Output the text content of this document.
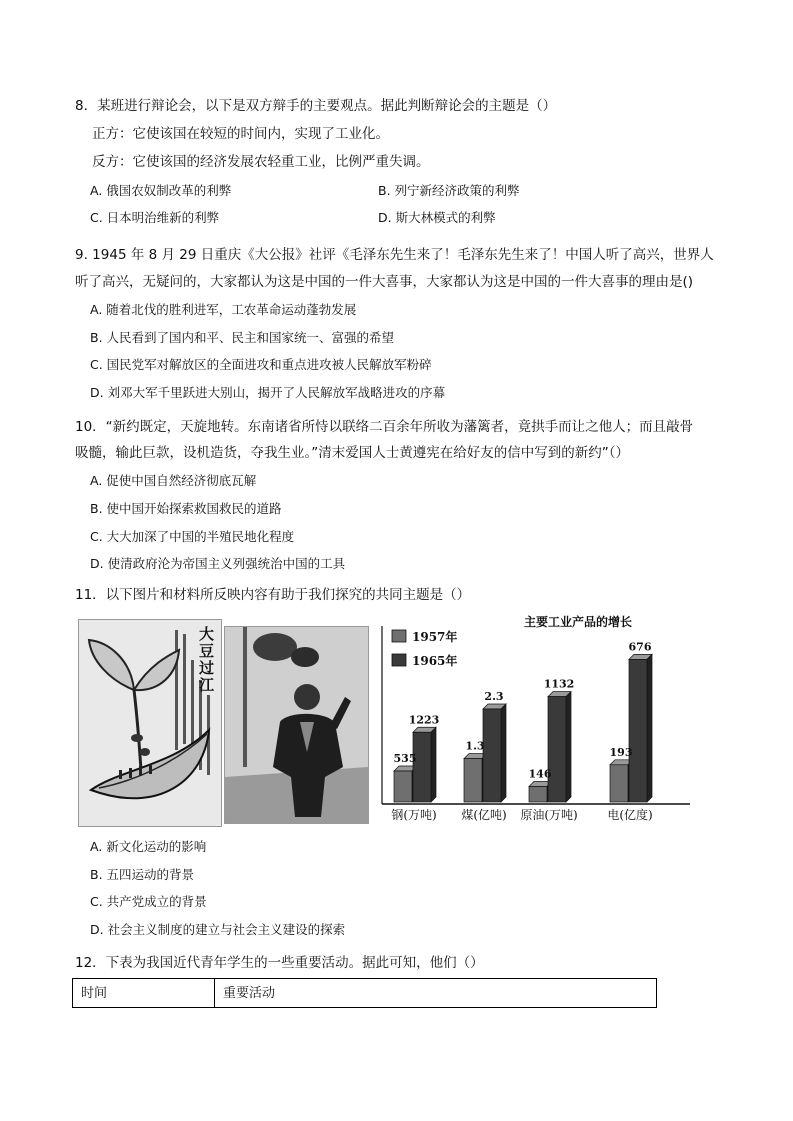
8．某班进行辩论会，以下是双方辩手的主要观点。据此判断辩论会的主题是（）
正方：它使该国在较短的时间内，实现了工业化。
反方：它使该国的经济发展农轻重工业，比例严重失调。
A. 俄国农奴制改革的利弊	B. 列宁新经济政策的利弊
C. 日本明治维新的利弊	D. 斯大林模式的利弊
9. 1945 年 8 月 29 日重庆《大公报》社评《毛泽东先生来了！毛泽东先生来了！中国人听了高兴，世界人
听了高兴，无疑问的，大家都认为这是中国的一件大喜事，大家都认为这是中国的一件大喜事的理由是()
A. 随着北伐的胜利进军，工农革命运动蓬勃发展
B. 人民看到了国内和平、民主和国家统一、富强的希望
C. 国民党军对解放区的全面进攻和重点进攻被人民解放军粉碎
D. 刘邓大军千里跃进大别山，揭开了人民解放军战略进攻的序幕
10．“新约既定，天旋地转。东南诸省所恃以联络二百余年所收为藩篱者，竟拱手而让之他人；而且敲骨
吸髓，输此巨款，设机造货，夺我生业。”清末爱国人士黄遵宪在给好友的信中写到的新约”（）
A. 促使中国自然经济彻底瓦解
B. 使中国开始探索救国救民的道路
C. 大大加深了中国的半殖民地化程度
D. 使清政府沦为帝国主义列强统治中国的工具
11．以下图片和材料所反映内容有助于我们探究的共同主题是（）
大豆过江
主要工业产品的增长
1957年
1965年
535
1223
1.3
2.3
146
1132
193
676
钢(万吨) 煤(亿吨) 原油(万吨) 电(亿度)
A. 新文化运动的影响
B. 五四运动的背景
C. 共产党成立的背景
D. 社会主义制度的建立与社会主义建设的探索
12．下表为我国近代青年学生的一些重要活动。据此可知，他们（）
时间	重要活动
